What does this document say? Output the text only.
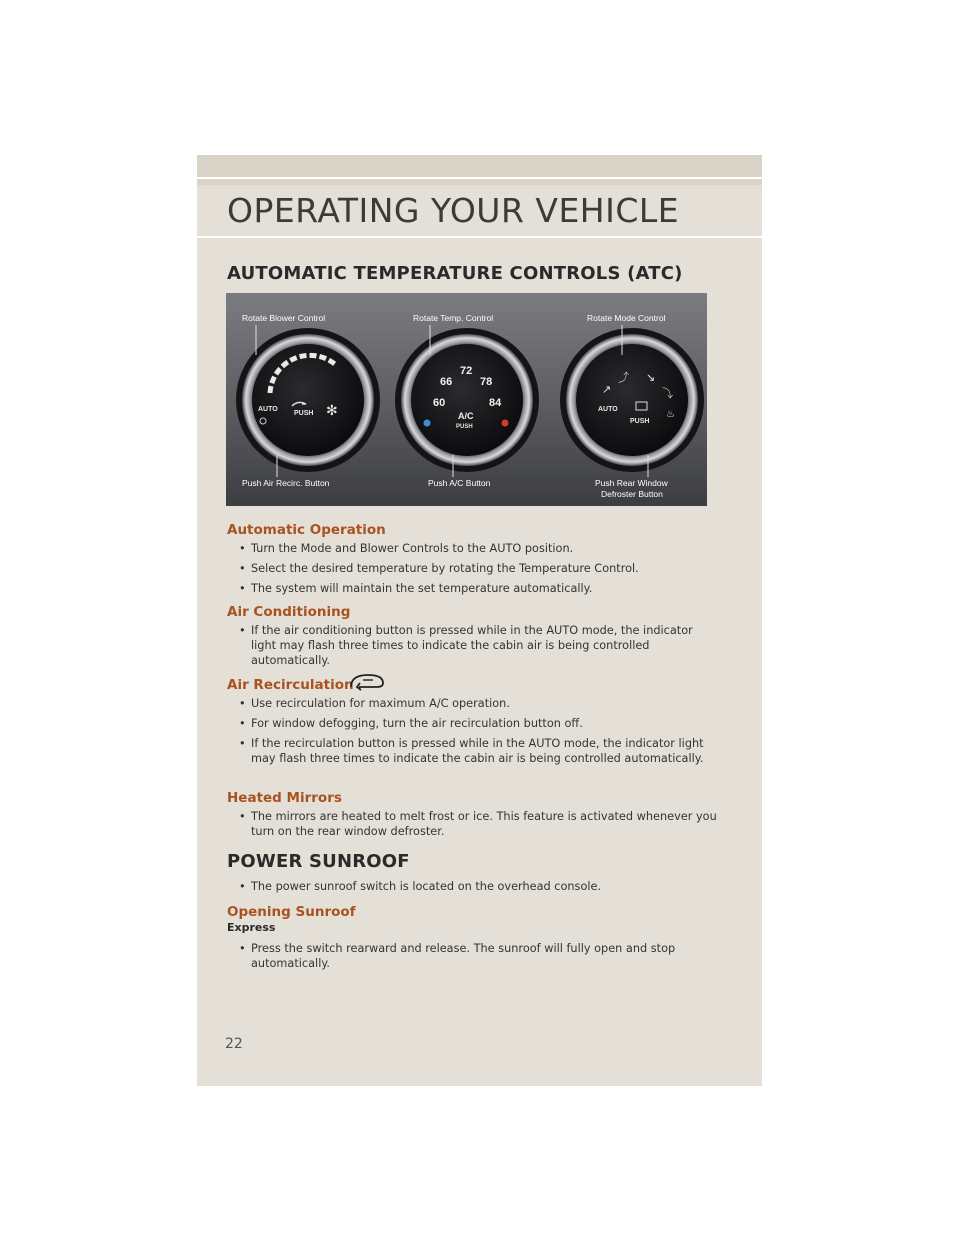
OPERATING YOUR VEHICLE
AUTOMATIC TEMPERATURE CONTROLS (ATC)
AUTO
PUSH ✻	60
66
72
78
84
A/C
PUSH
AUTO
PUSH
↗
⤴ ↘
⤵
♨
Rotate Blower Control	Rotate Temp. Control	Rotate Mode Control
Push Air Recirc. Button	Push A/C Button	Push Rear Window
Defroster Button
Automatic Operation
• Turn the Mode and Blower Controls to the AUTO position.
• Select the desired temperature by rotating the Temperature Control.
• The system will maintain the set temperature automatically.
Air Conditioning
• If the air conditioning button is pressed while in the AUTO mode, the indicator light may flash three times to indicate the cabin air is being controlled automatically.
Air Recirculation
• Use recirculation for maximum A/C operation.
• For window defogging, turn the air recirculation button off.
• If the recirculation button is pressed while in the AUTO mode, the indicator light may flash three times to indicate the cabin air is being controlled automatically.
Heated Mirrors
• The mirrors are heated to melt frost or ice. This feature is activated whenever you turn on the rear window defroster.
POWER SUNROOF
• The power sunroof switch is located on the overhead console.
Opening Sunroof
Express
• Press the switch rearward and release. The sunroof will fully open and stop automatically.
22
